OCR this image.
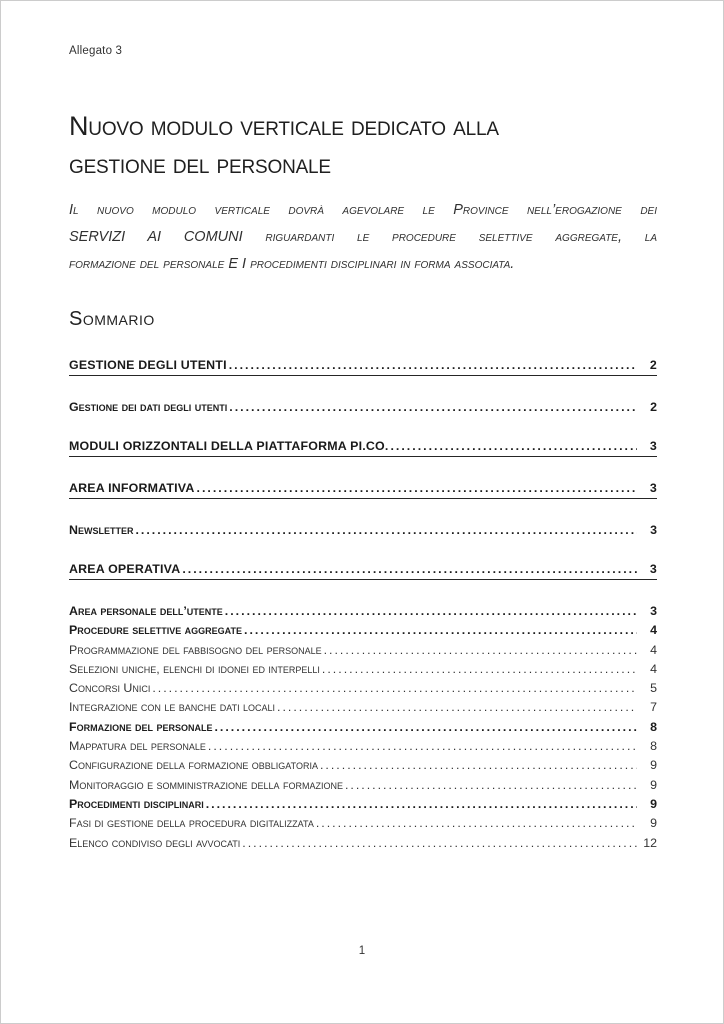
Allegato 3
Nuovo modulo verticale dedicato alla
gestione del personale
Il nuovo modulo verticale dovrà agevolare le Province nell’erogazione dei
SERVIZI AI COMUNI riguardanti le procedure selettive aggregate, la
formazione del personale E I procedimenti disciplinari in forma associata.
Sommario
GESTIONE DEGLI UTENTI .....	2
Gestione dei dati degli utenti .....	2
MODULI ORIZZONTALI DELLA PIATTAFORMA PI.CO. .....	3
AREA INFORMATIVA .....	3
Newsletter .....	3
AREA OPERATIVA .....	3
Area personale dell’utente .....	3
Procedure selettive aggregate .....	4
Programmazione del fabbisogno del personale .....	4
Selezioni uniche, elenchi di idonei ed interpelli .....	4
Concorsi Unici .....	5
Integrazione con le banche dati locali .....	7
Formazione del personale .....	8
Mappatura del personale .....	8
Configurazione della formazione obbligatoria .....	9
Monitoraggio e somministrazione della formazione .....	9
Procedimenti disciplinari .....	9
Fasi di gestione della procedura digitalizzata .....	9
Elenco condiviso degli avvocati .....	12
1
